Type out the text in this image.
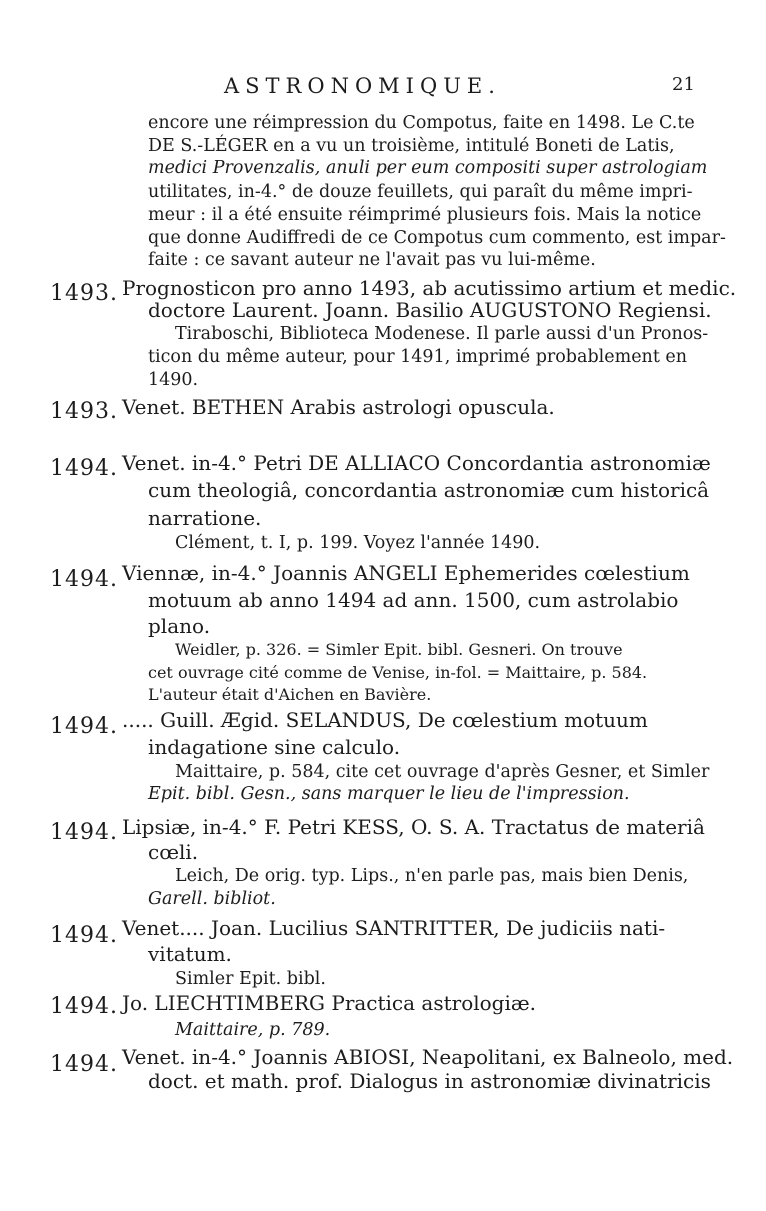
ASTRONOMIQUE.	21
encore une réimpression du Compotus, faite en 1498. Le C.te
DE S.-LÉGER en a vu un troisième, intitulé Boneti de Latis,
medici Provenzalis, anuli per eum compositi super astrologiam
utilitates, in-4.° de douze feuillets, qui paraît du même impri-
meur : il a été ensuite réimprimé plusieurs fois. Mais la notice
que donne Audiffredi de ce Compotus cum commento, est impar-
faite : ce savant auteur ne l'avait pas vu lui-même.
1493. Prognosticon pro anno 1493, ab acutissimo artium et medic.
doctore Laurent. Joann. Basilio AUGUSTONO Regiensi.
Tiraboschi, Biblioteca Modenese. Il parle aussi d'un Pronos-
ticon du même auteur, pour 1491, imprimé probablement en
1490.
1493. Venet. BETHEN Arabis astrologi opuscula.
1494. Venet. in-4.° Petri DE ALLIACO Concordantia astronomiæ
cum theologiâ, concordantia astronomiæ cum historicâ
narratione.
Clément, t. I, p. 199. Voyez l'année 1490.
1494. Viennæ, in-4.° Joannis ANGELI Ephemerides cœlestium
motuum ab anno 1494 ad ann. 1500, cum astrolabio
plano.
Weidler, p. 326. = Simler Epit. bibl. Gesneri. On trouve
cet ouvrage cité comme de Venise, in-fol. = Maittaire, p. 584.
L'auteur était d'Aichen en Bavière.
1494. ..... Guill. Ægid. SELANDUS, De cœlestium motuum
indagatione sine calculo.
Maittaire, p. 584, cite cet ouvrage d'après Gesner, et Simler
Epit. bibl. Gesn., sans marquer le lieu de l'impression.
1494. Lipsiæ, in-4.° F. Petri KESS, O. S. A. Tractatus de materiâ
cœli.
Leich, De orig. typ. Lips., n'en parle pas, mais bien Denis,
Garell. bibliot.
1494. Venet.... Joan. Lucilius SANTRITTER, De judiciis nati-
vitatum.
Simler Epit. bibl.
1494. Jo. LIECHTIMBERG Practica astrologiæ.
Maittaire, p. 789.
1494. Venet. in-4.° Joannis ABIOSI, Neapolitani, ex Balneolo, med.
doct. et math. prof. Dialogus in astronomiæ divinatricis
